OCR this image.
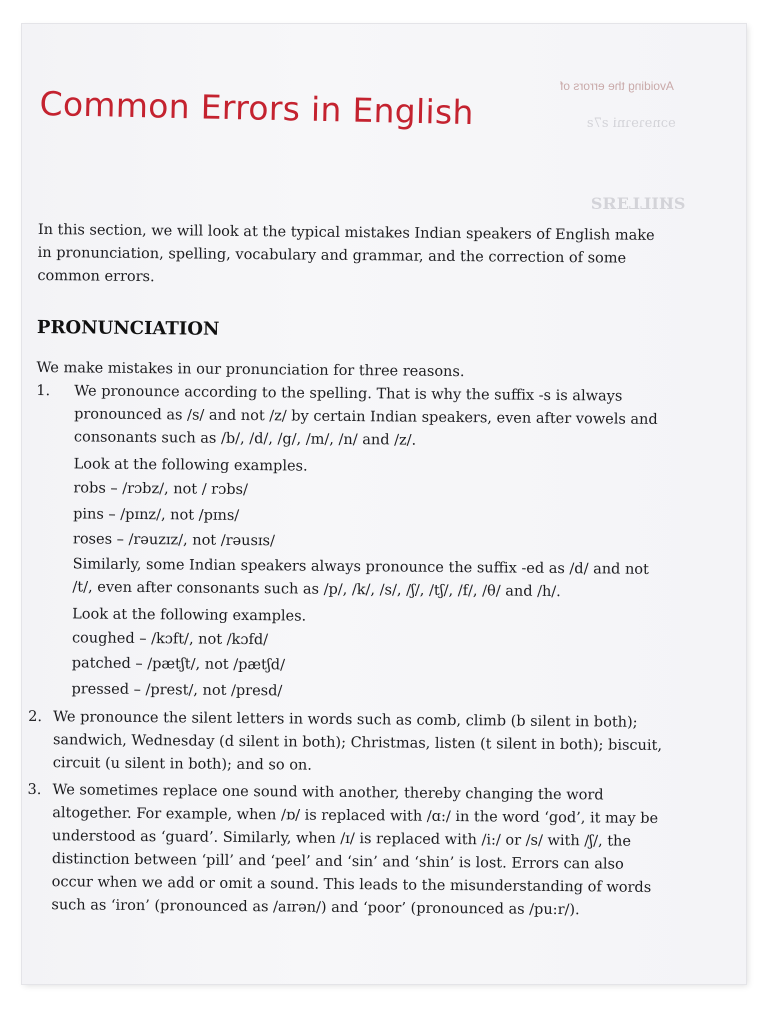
ɘɔnɘɿɘɿni ƨ7ƨ
ƧИILLƎЯƧ
Avoiding the errors of
Common Errors in English

In this section, we will look at the typical mistakes Indian speakers of English make in pronunciation, spelling, vocabulary and grammar, and the correction of some common errors.

PRONUNCIATION

We make mistakes in our pronunciation for three reasons.

1. We pronounce according to the spelling. That is why the suffix -s is always pronounced as /s/ and not /z/ by certain Indian speakers, even after vowels and consonants such as /b/, /d/, /g/, /m/, /n/ and /z/.

Look at the following examples.

robs – /rɔbz/, not / rɔbs/
pins – /pɪnz/, not /pɪns/
roses – /rəuzɪz/, not /rəusɪs/

Similarly, some Indian speakers always pronounce the suffix -ed as /d/ and not /t/, even after consonants such as /p/, /k/, /s/, /ʃ/, /tʃ/, /f/, /θ/ and /h/.

Look at the following examples.

coughed – /kɔft/, not /kɔfd/
patched – /pætʃt/, not /pætʃd/
pressed – /prest/, not /presd/
2. We pronounce the silent letters in words such as comb, climb (b silent in both); sandwich, Wednesday (d silent in both); Christmas, listen (t silent in both); biscuit, circuit (u silent in both); and so on.

3. We sometimes replace one sound with another, thereby changing the word altogether. For example, when /ɒ/ is replaced with /ɑ:/ in the word ‘god’, it may be understood as ‘guard’. Similarly, when /ɪ/ is replaced with /i:/ or /s/ with /ʃ/, the distinction between ‘pill’ and ‘peel’ and ‘sin’ and ‘shin’ is lost. Errors can also occur when we add or omit a sound. This leads to the misunderstanding of words such as ‘iron’ (pronounced as /aɪrən/) and ‘poor’ (pronounced as /pu:r/).
